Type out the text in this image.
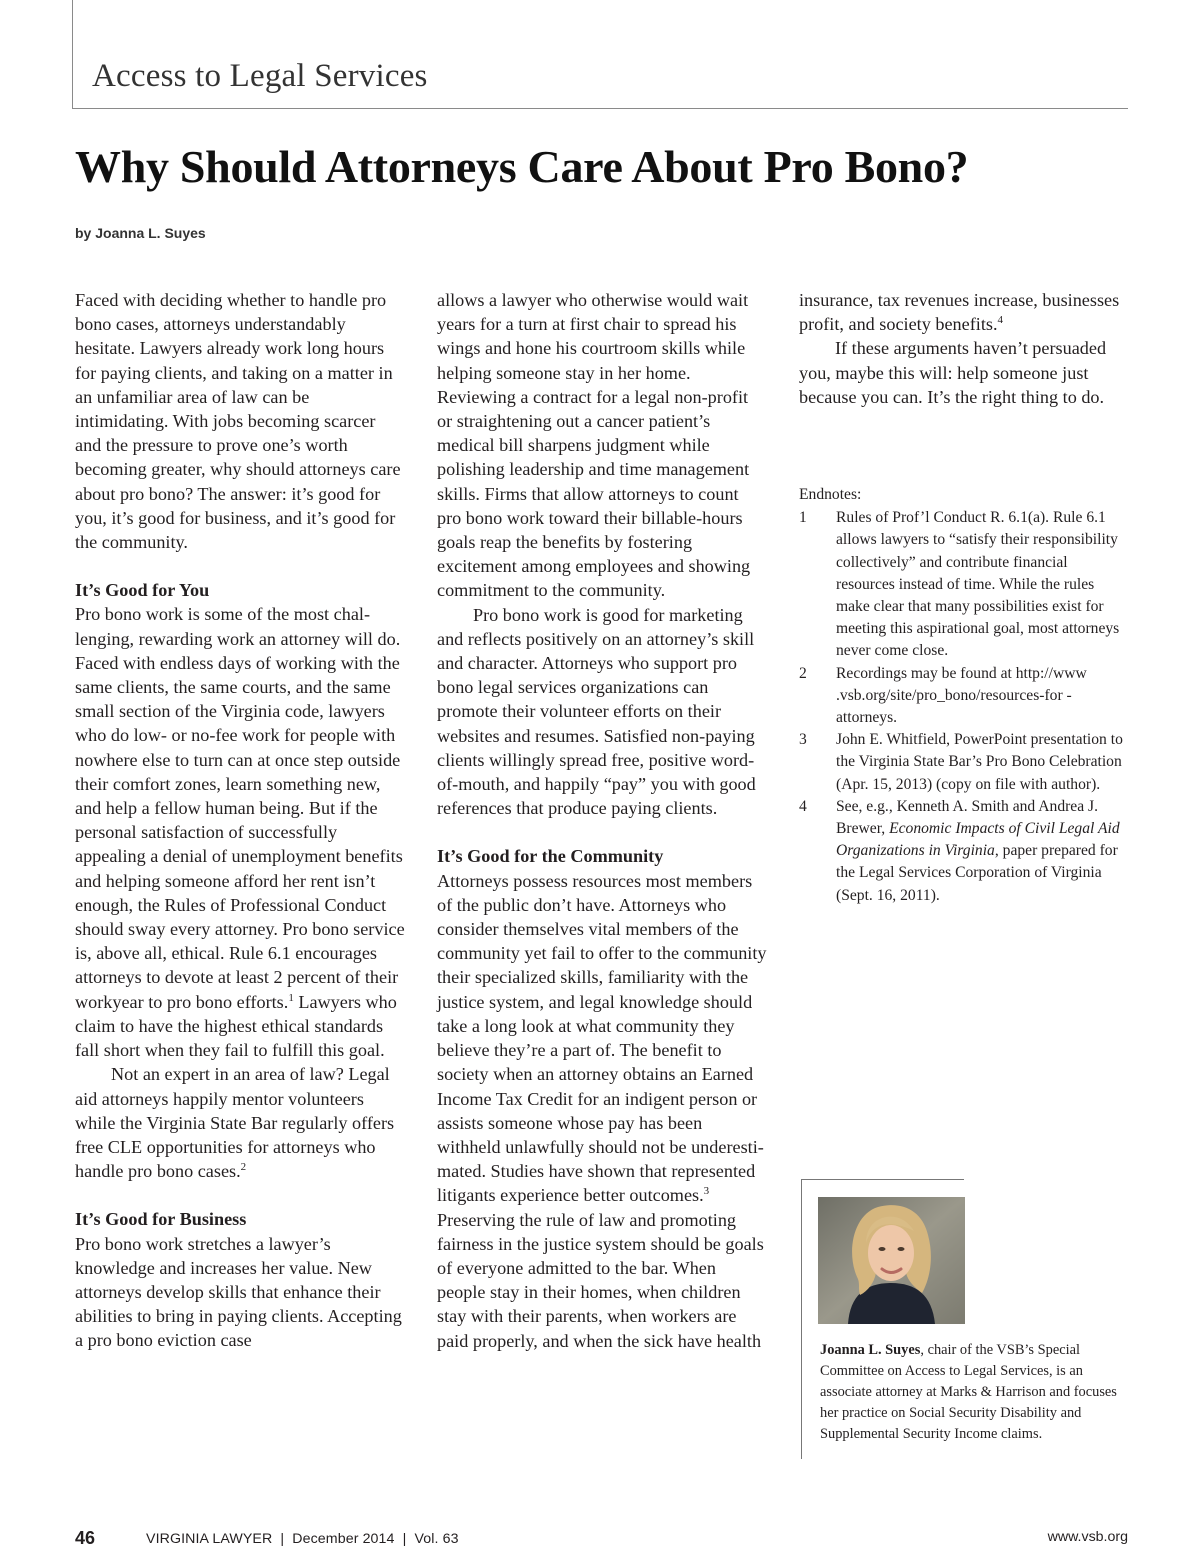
Access to Legal Services
Why Should Attorneys Care About Pro Bono?
by Joanna L. Suyes

Faced with deciding whether to handle pro bono cases, attorneys understandably hesitate. Lawyers already work long hours for paying clients, and taking on a matter in an unfamiliar area of law can be intimidating. With jobs becoming scarcer and the pressure to prove one’s worth becoming greater, why should attorneys care about pro bono? The answer: it’s good for you, it’s good for business, and it’s good for the community.

It’s Good for You

Pro bono work is some of the most challenging, rewarding work an attorney will do. Faced with endless days of working with the same clients, the same courts, and the same small section of the Virginia code, lawyers who do low- or no-fee work for people with nowhere else to turn can at once step outside their comfort zones, learn something new, and help a fellow human being. But if the personal satisfaction of successfully appealing a denial of unemployment benefits and helping someone afford her rent isn’t enough, the Rules of Professional Conduct should sway every attorney. Pro bono service is, above all, ethical. Rule 6.1 encourages attorneys to devote at least 2 percent of their workyear to pro bono efforts.$^1$ Lawyers who claim to have the highest ethical standards fall short when they fail to fulfill this goal.

Not an expert in an area of law? Legal aid attorneys happily mentor volunteers while the Virginia State Bar regularly offers free CLE opportunities for attorneys who handle pro bono cases.$^2$

It’s Good for Business

Pro bono work stretches a lawyer’s knowledge and increases her value. New attorneys develop skills that enhance their abilities to bring in paying clients. Accepting a pro bono eviction case

allows a lawyer who otherwise would wait years for a turn at first chair to spread his wings and hone his courtroom skills while helping someone stay in her home. Reviewing a contract for a legal non-profit or straightening out a cancer patient’s medical bill sharpens judgment while polishing leadership and time management skills. Firms that allow attorneys to count pro bono work toward their billable-hours goals reap the benefits by fostering excitement among employees and showing commitment to the community.

Pro bono work is good for marketing and reflects positively on an attorney’s skill and character. Attorneys who support pro bono legal services organizations can promote their volunteer efforts on their websites and resumes. Satisfied non-paying clients willingly spread free, positive word-of-mouth, and happily “pay” you with good references that produce paying clients.

It’s Good for the Community

Attorneys possess resources most members of the public don’t have. Attorneys who consider themselves vital members of the community yet fail to offer to the community their specialized skills, familiarity with the justice system, and legal knowledge should take a long look at what community they believe they’re a part of. The benefit to society when an attorney obtains an Earned Income Tax Credit for an indigent person or assists someone whose pay has been withheld unlawfully should not be underestimated. Studies have shown that represented litigants experience better outcomes.$^3$ Preserving the rule of law and promoting fairness in the justice system should be goals of everyone admitted to the bar. When people stay in their homes, when children stay with their parents, when workers are paid properly, and when the sick have health

insurance, tax revenues increase, businesses profit, and society benefits.$^4$

If these arguments haven’t persuaded you, maybe this will: help someone just because you can. It’s the right thing to do.

Endnotes:

1	Rules of Prof’l Conduct R. 6.1(a). Rule 6.1 allows lawyers to “satisfy their responsibility collectively” and contribute financial resources instead of time. While the rules make clear that many possibilities exist for meeting this aspirational goal, most attorneys never come close.
2	Recordings may be found at http://www .vsb.org/site/pro_bono/resources-for -attorneys.
3	John E. Whitfield, PowerPoint presentation to the Virginia State Bar’s Pro Bono Celebration (Apr. 15, 2013) (copy on file with author).
4	See, e.g., Kenneth A. Smith and Andrea J. Brewer, Economic Impacts of Civil Legal Aid Organizations in Virginia, paper prepared for the Legal Services Corporation of Virginia (Sept. 16, 2011).
Joanna L. Suyes, chair of the VSB’s Special Committee on Access to Legal Services, is an associate attorney at Marks & Harrison and focuses her practice on Social Security Disability and Supplemental Security Income claims.
46	VIRGINIA LAWYER  |  December 2014  |  Vol. 63	www.vsb.org
